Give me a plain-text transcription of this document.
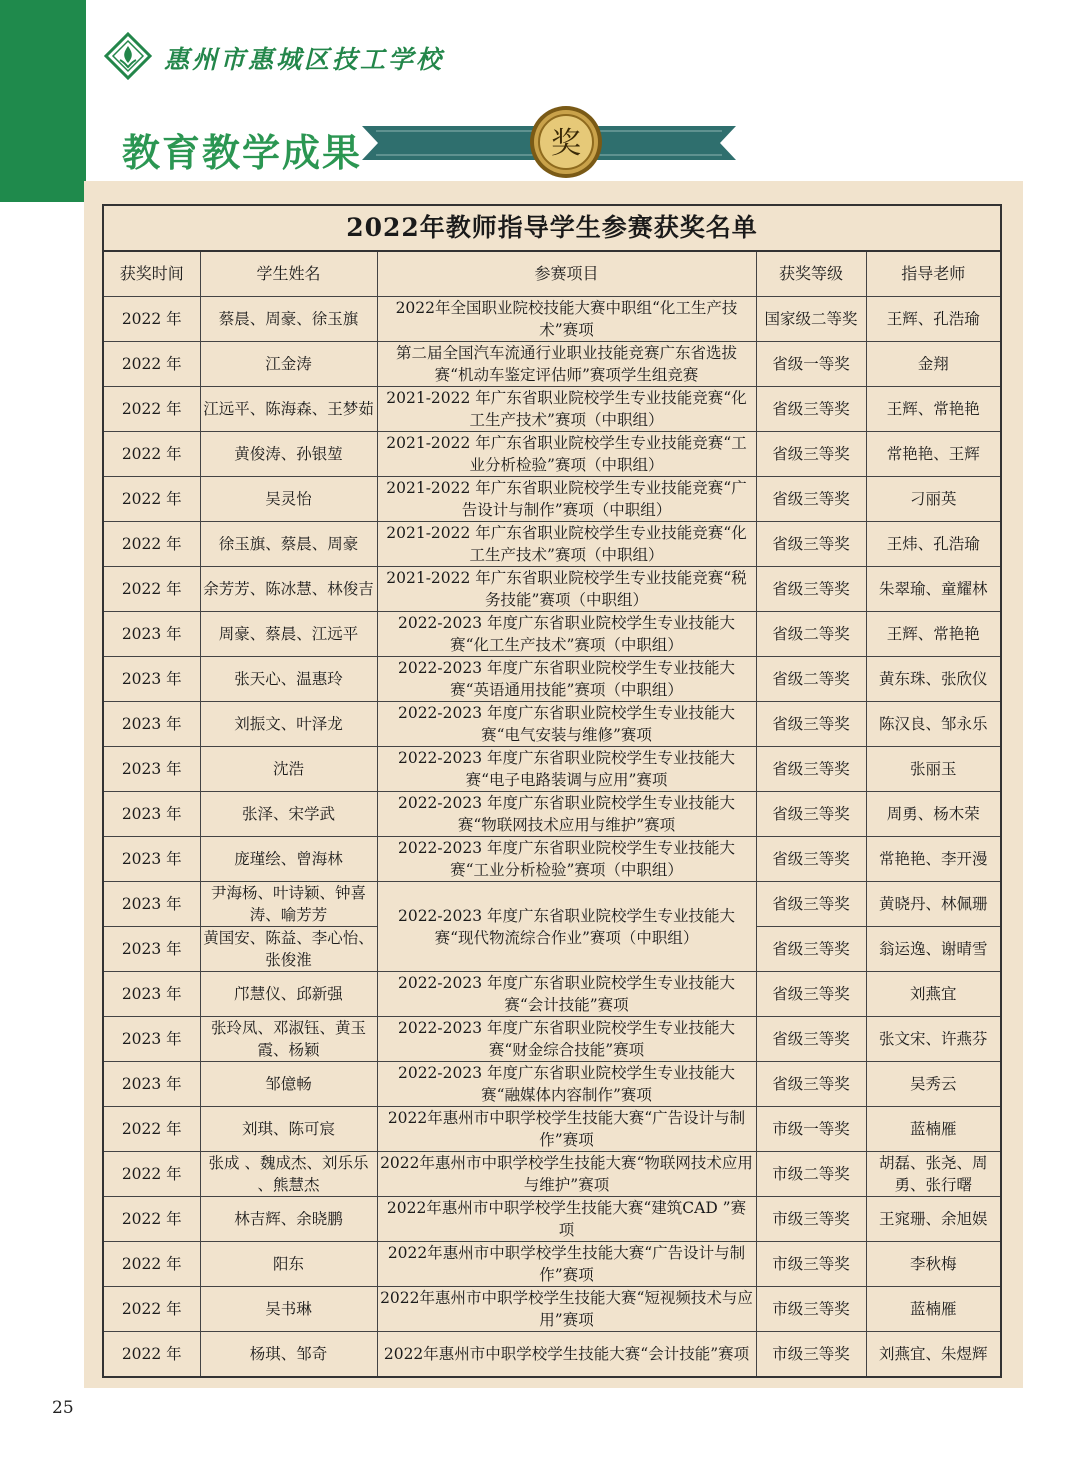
惠州市惠城区技工学校
教育教学成果	奖
2022年教师指导学生参赛获奖名单				
获奖时间	学生姓名	参赛项目	获奖等级	指导老师
2022 年	蔡晨、周豪、徐玉旗	2022年全国职业院校技能大赛中职组“化工生产技术”赛项	国家级二等奖	王辉、孔浩瑜
2022 年	江金涛	第二届全国汽车流通行业职业技能竞赛广东省选拔赛“机动车鉴定评估师”赛项学生组竞赛	省级一等奖	金翔
2022 年	江远平、陈海森、王梦茹	2021-2022 年广东省职业院校学生专业技能竞赛“化工生产技术”赛项（中职组）	省级三等奖	王辉、常艳艳
2022 年	黄俊涛、孙银堃	2021-2022 年广东省职业院校学生专业技能竞赛“工业分析检验”赛项（中职组）	省级三等奖	常艳艳、王辉
2022 年	吴灵怡	2021-2022 年广东省职业院校学生专业技能竞赛“广告设计与制作”赛项（中职组）	省级三等奖	刁丽英
2022 年	徐玉旗、蔡晨、周豪	2021-2022 年广东省职业院校学生专业技能竞赛“化工生产技术”赛项（中职组）	省级三等奖	王炜、孔浩瑜
2022 年	余芳芳、陈冰慧、林俊吉	2021-2022 年广东省职业院校学生专业技能竞赛“税务技能”赛项（中职组）	省级三等奖	朱翠瑜、童耀林
2023 年	周豪、蔡晨、江远平	2022-2023 年度广东省职业院校学生专业技能大赛“化工生产技术”赛项（中职组）	省级二等奖	王辉、常艳艳
2023 年	张天心、温惠玲	2022-2023 年度广东省职业院校学生专业技能大赛“英语通用技能”赛项（中职组）	省级二等奖	黄东珠、张欣仪
2023 年	刘振文、叶泽龙	2022-2023 年度广东省职业院校学生专业技能大赛“电气安装与维修”赛项	省级三等奖	陈汉良、邹永乐
2023 年	沈浩	2022-2023 年度广东省职业院校学生专业技能大赛“电子电路装调与应用”赛项	省级三等奖	张丽玉
2023 年	张泽、宋学武	2022-2023 年度广东省职业院校学生专业技能大赛“物联网技术应用与维护”赛项	省级三等奖	周勇、杨木荣
2023 年	庞瑾绘、曾海林	2022-2023 年度广东省职业院校学生专业技能大赛“工业分析检验”赛项（中职组）	省级三等奖	常艳艳、李开漫
2023 年	尹海杨、叶诗颖、钟喜涛、喻芳芳	2022-2023 年度广东省职业院校学生专业技能大赛“现代物流综合作业”赛项（中职组）	省级三等奖	黄晓丹、林佩珊
2023 年	黄国安、陈益、李心怡、张俊淮		省级三等奖	翁运逸、谢晴雪
2023 年	邝慧仪、邱新强	2022-2023 年度广东省职业院校学生专业技能大赛“会计技能”赛项	省级三等奖	刘燕宜
2023 年	张玲凤、邓淑钰、黄玉霞、杨颖	2022-2023 年度广东省职业院校学生专业技能大赛“财金综合技能”赛项	省级三等奖	张文宋、许燕芬
2023 年	邹億畅	2022-2023 年度广东省职业院校学生专业技能大赛“融媒体内容制作”赛项	省级三等奖	吴秀云
2022 年	刘琪、陈可宸	2022年惠州市中职学校学生技能大赛“广告设计与制作”赛项	市级一等奖	蓝楠雁
2022 年	张成 、魏成杰、刘乐乐 、熊慧杰	2022年惠州市中职学校学生技能大赛“物联网技术应用与维护”赛项	市级二等奖	胡磊、张尧、周勇、张行曙
2022 年	林吉辉、余晓鹏	2022年惠州市中职学校学生技能大赛“建筑CAD ”赛项	市级三等奖	王窕珊、余旭娱
2022 年	阳东	2022年惠州市中职学校学生技能大赛“广告设计与制作”赛项	市级三等奖	李秋梅
2022 年	吴书琳	2022年惠州市中职学校学生技能大赛“短视频技术与应用”赛项	市级三等奖	蓝楠雁
2022 年	杨琪、邹奇	2022年惠州市中职学校学生技能大赛“会计技能”赛项	市级三等奖	刘燕宜、朱煜辉
25
